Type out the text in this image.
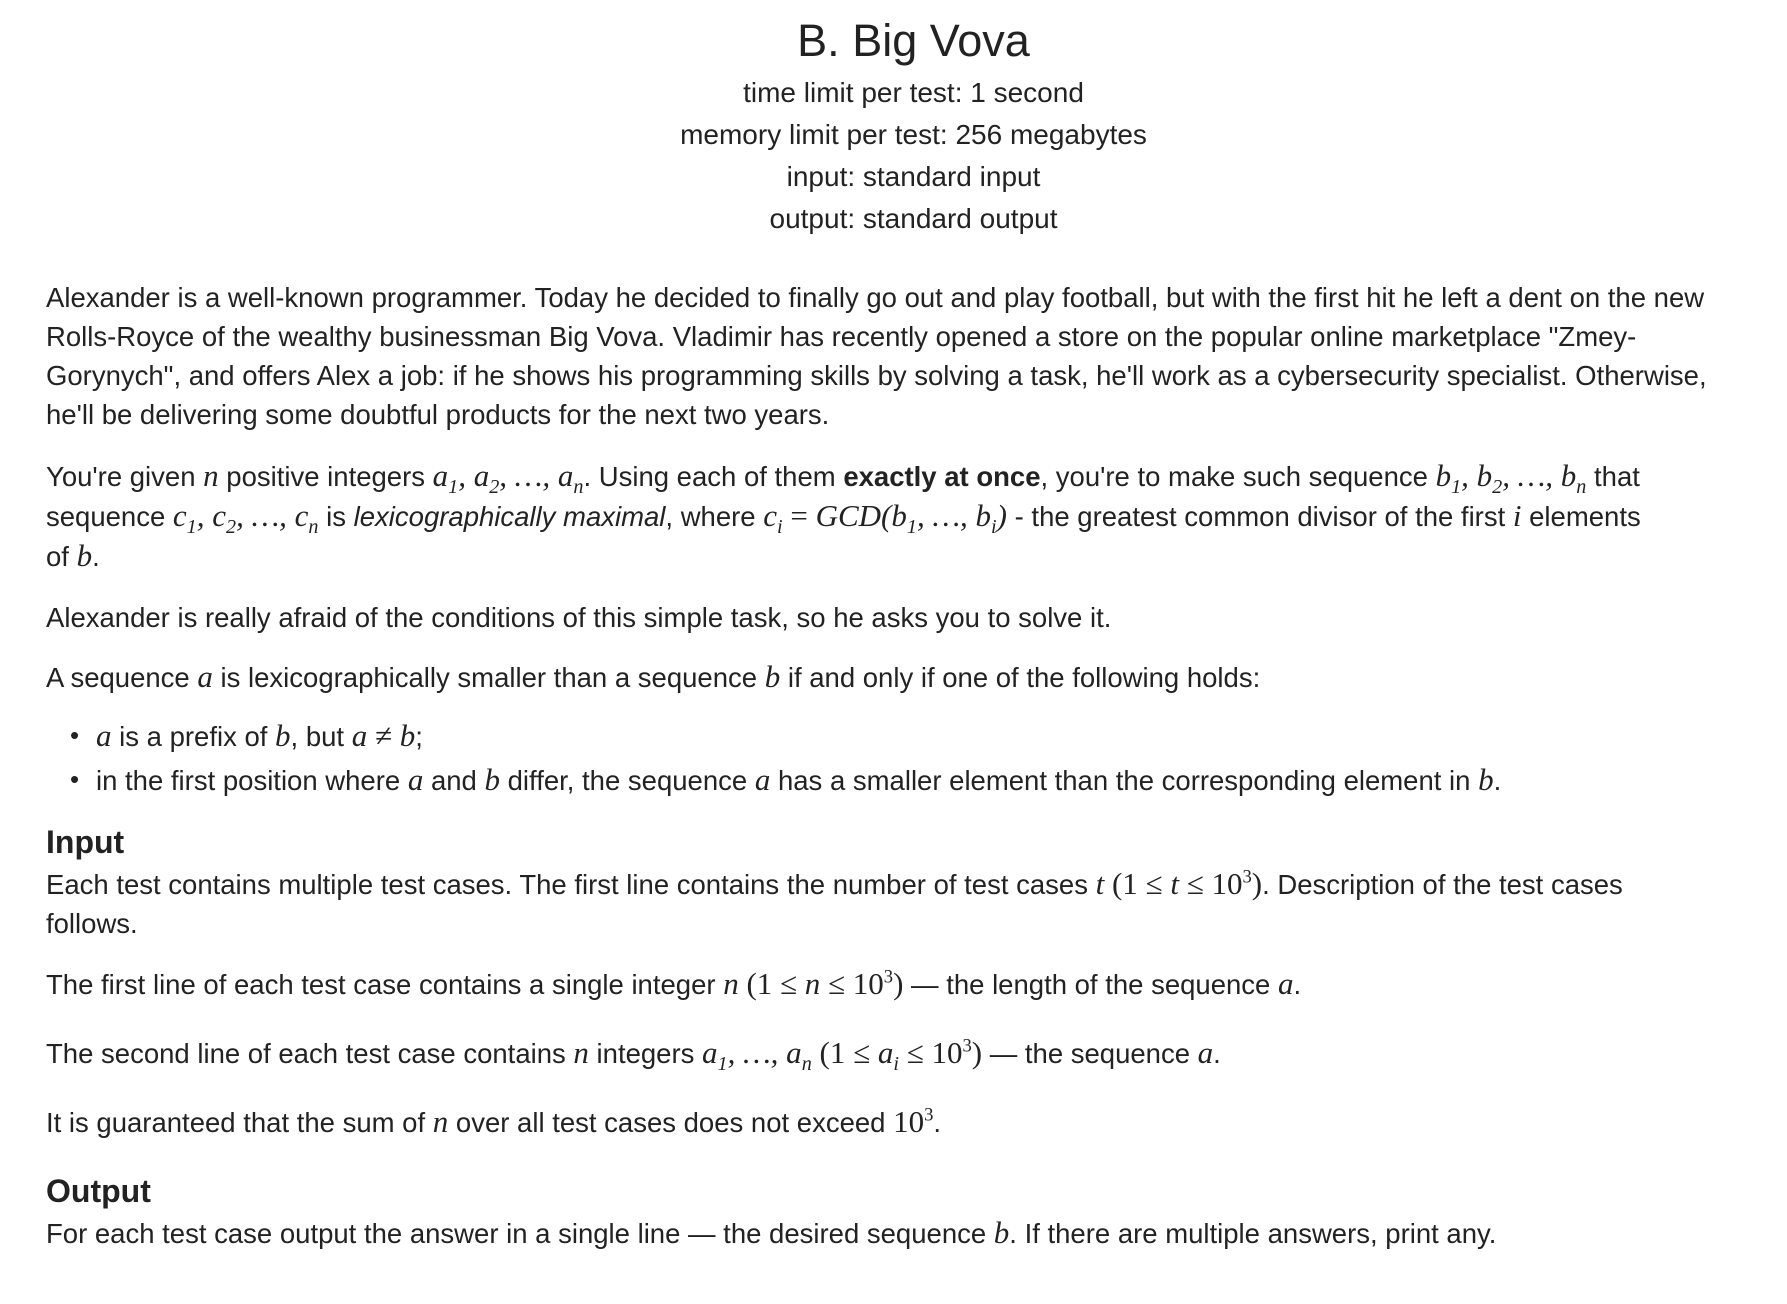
B. Big Vova
time limit per test: 1 second
memory limit per test: 256 megabytes
input: standard input
output: standard output
Alexander is a well-known programmer. Today he decided to finally go out and play football, but with the first hit he left a dent on the new
Rolls-Royce of the wealthy businessman Big Vova. Vladimir has recently opened a store on the popular online marketplace "Zmey-
Gorynych", and offers Alex a job: if he shows his programming skills by solving a task, he'll work as a cybersecurity specialist. Otherwise,
he'll be delivering some doubtful products for the next two years.
You're given n positive integers $a_1$, $a_2$, …, $a_n$. Using each of them exactly at once, you're to make such sequence $b_1$, $b_2$, …, $b_n$ that
sequence $c_1$, $c_2$, …, $c_n$ is lexicographically maximal, where $c_i = GCD(b_1$, …, $b_i$) - the greatest common divisor of the first i elements
of b.
Alexander is really afraid of the conditions of this simple task, so he asks you to solve it.
A sequence a is lexicographically smaller than a sequence b if and only if one of the following holds:
• a is a prefix of b, but a ≠ b;
• in the first position where a and b differ, the sequence a has a smaller element than the corresponding element in b.
Input
Each test contains multiple test cases. The first line contains the number of test cases t $(1 \le t \le 10^3)$. Description of the test cases
follows.
The first line of each test case contains a single integer n $(1 \le n \le 10^3)$ — the length of the sequence a.
The second line of each test case contains n integers $a_1$, …, $a_n$ $(1 \le a_i \le 10^3)$ — the sequence a.
It is guaranteed that the sum of n over all test cases does not exceed $10^3$.
Output
For each test case output the answer in a single line — the desired sequence b. If there are multiple answers, print any.
